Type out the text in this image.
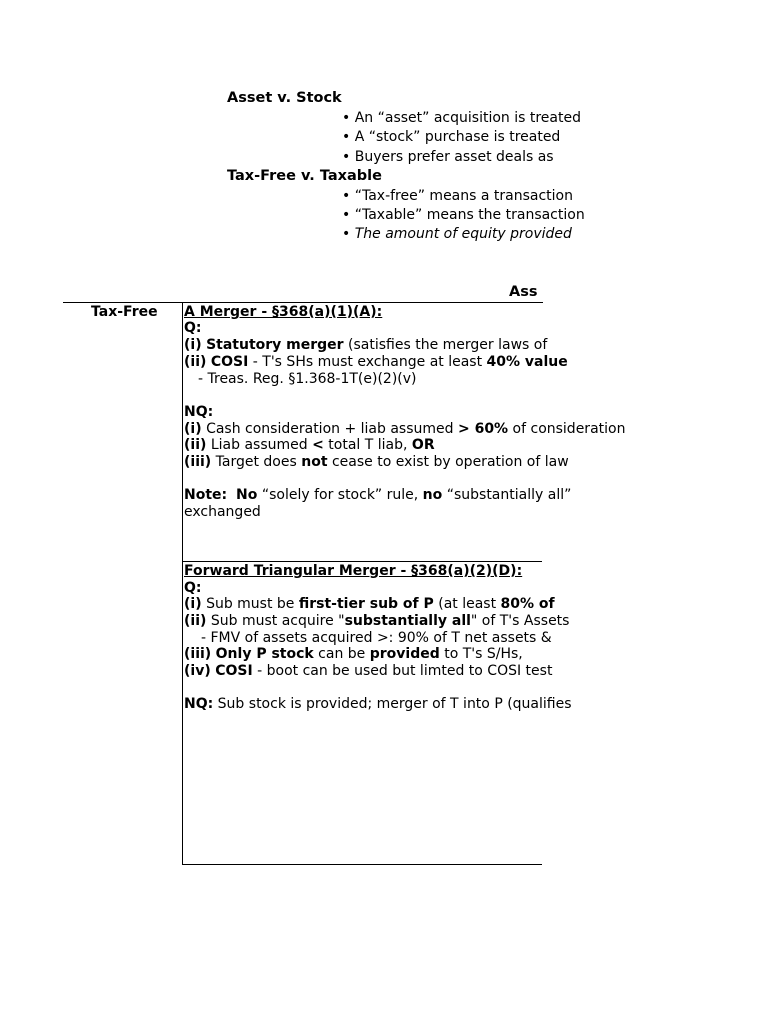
Asset v. Stock
• An “asset” acquisition is treated
• A “stock” purchase is treated
• Buyers prefer asset deals as
Tax-Free v. Taxable
• “Tax-free” means a transaction
• “Taxable” means the transaction
• The amount of equity provided
Ass
Tax-Free A Merger - §368(a)(1)(A):
Q:
(i) Statutory merger (satisfies the merger laws of
(ii) COSI - T's SHs must exchange at least 40% value
- Treas. Reg. §1.368-1T(e)(2)(v)
NQ:
(i) Cash consideration + liab assumed > 60% of consideration
(ii) Liab assumed < total T liab, OR
(iii) Target does not cease to exist by operation of law
Note: No “solely for stock” rule, no “substantially all”
exchanged
Forward Triangular Merger - §368(a)(2)(D):
Q:
(i) Sub must be first-tier sub of P (at least 80% of
(ii) Sub must acquire "substantially all" of T's Assets
- FMV of assets acquired >: 90% of T net assets &
(iii) Only P stock can be provided to T's S/Hs,
(iv) COSI - boot can be used but limted to COSI test
NQ: Sub stock is provided; merger of T into P (qualifies
